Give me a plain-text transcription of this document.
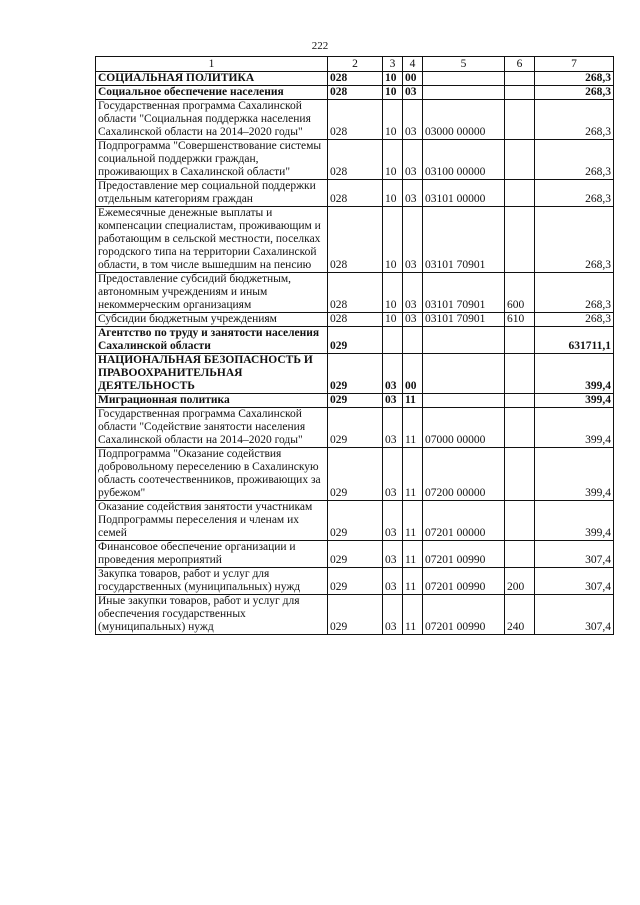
222
1	2	3	4	5	6	7
СОЦИАЛЬНАЯ ПОЛИТИКА	028	10	00			268,3
Социальное обеспечение населения	028	10	03			268,3
Государственная программа Сахалинской области "Социальная поддержка населения Сахалинской области на 2014–2020 годы"	028	10	03	03000 00000		268,3
Подпрограмма "Совершенствование системы социальной поддержки граждан, проживающих в Сахалинской области"	028	10	03	03100 00000		268,3
Предоставление мер социальной поддержки отдельным категориям граждан	028	10	03	03101 00000		268,3
Ежемесячные денежные выплаты и компенсации специалистам, проживающим и работающим в сельской местности, поселках городского типа на территории Сахалинской области, в том числе вышедшим на пенсию	028	10	03	03101 70901		268,3
Предоставление субсидий бюджетным, автономным учреждениям и иным некоммерческим организациям	028	10	03	03101 70901	600	268,3
Субсидии бюджетным учреждениям	028	10	03	03101 70901	610	268,3
Агентство по труду и занятости населения Сахалинской области	029					631711,1
НАЦИОНАЛЬНАЯ БЕЗОПАСНОСТЬ И ПРАВООХРАНИТЕЛЬНАЯ ДЕЯТЕЛЬНОСТЬ	029	03	00			399,4
Миграционная политика	029	03	11			399,4
Государственная программа Сахалинской области "Содействие занятости населения Сахалинской области на 2014–2020 годы"	029	03	11	07000 00000		399,4
Подпрограмма "Оказание содействия добровольному переселению в Сахалинскую область соотечественников, проживающих за рубежом"	029	03	11	07200 00000		399,4
Оказание содействия занятости участникам Подпрограммы переселения и членам их семей	029	03	11	07201 00000		399,4
Финансовое обеспечение организации и проведения мероприятий	029	03	11	07201 00990		307,4
Закупка товаров, работ и услуг для государственных (муниципальных) нужд	029	03	11	07201 00990	200	307,4
Иные закупки товаров, работ и услуг для обеспечения государственных (муниципальных) нужд	029	03	11	07201 00990	240	307,4
